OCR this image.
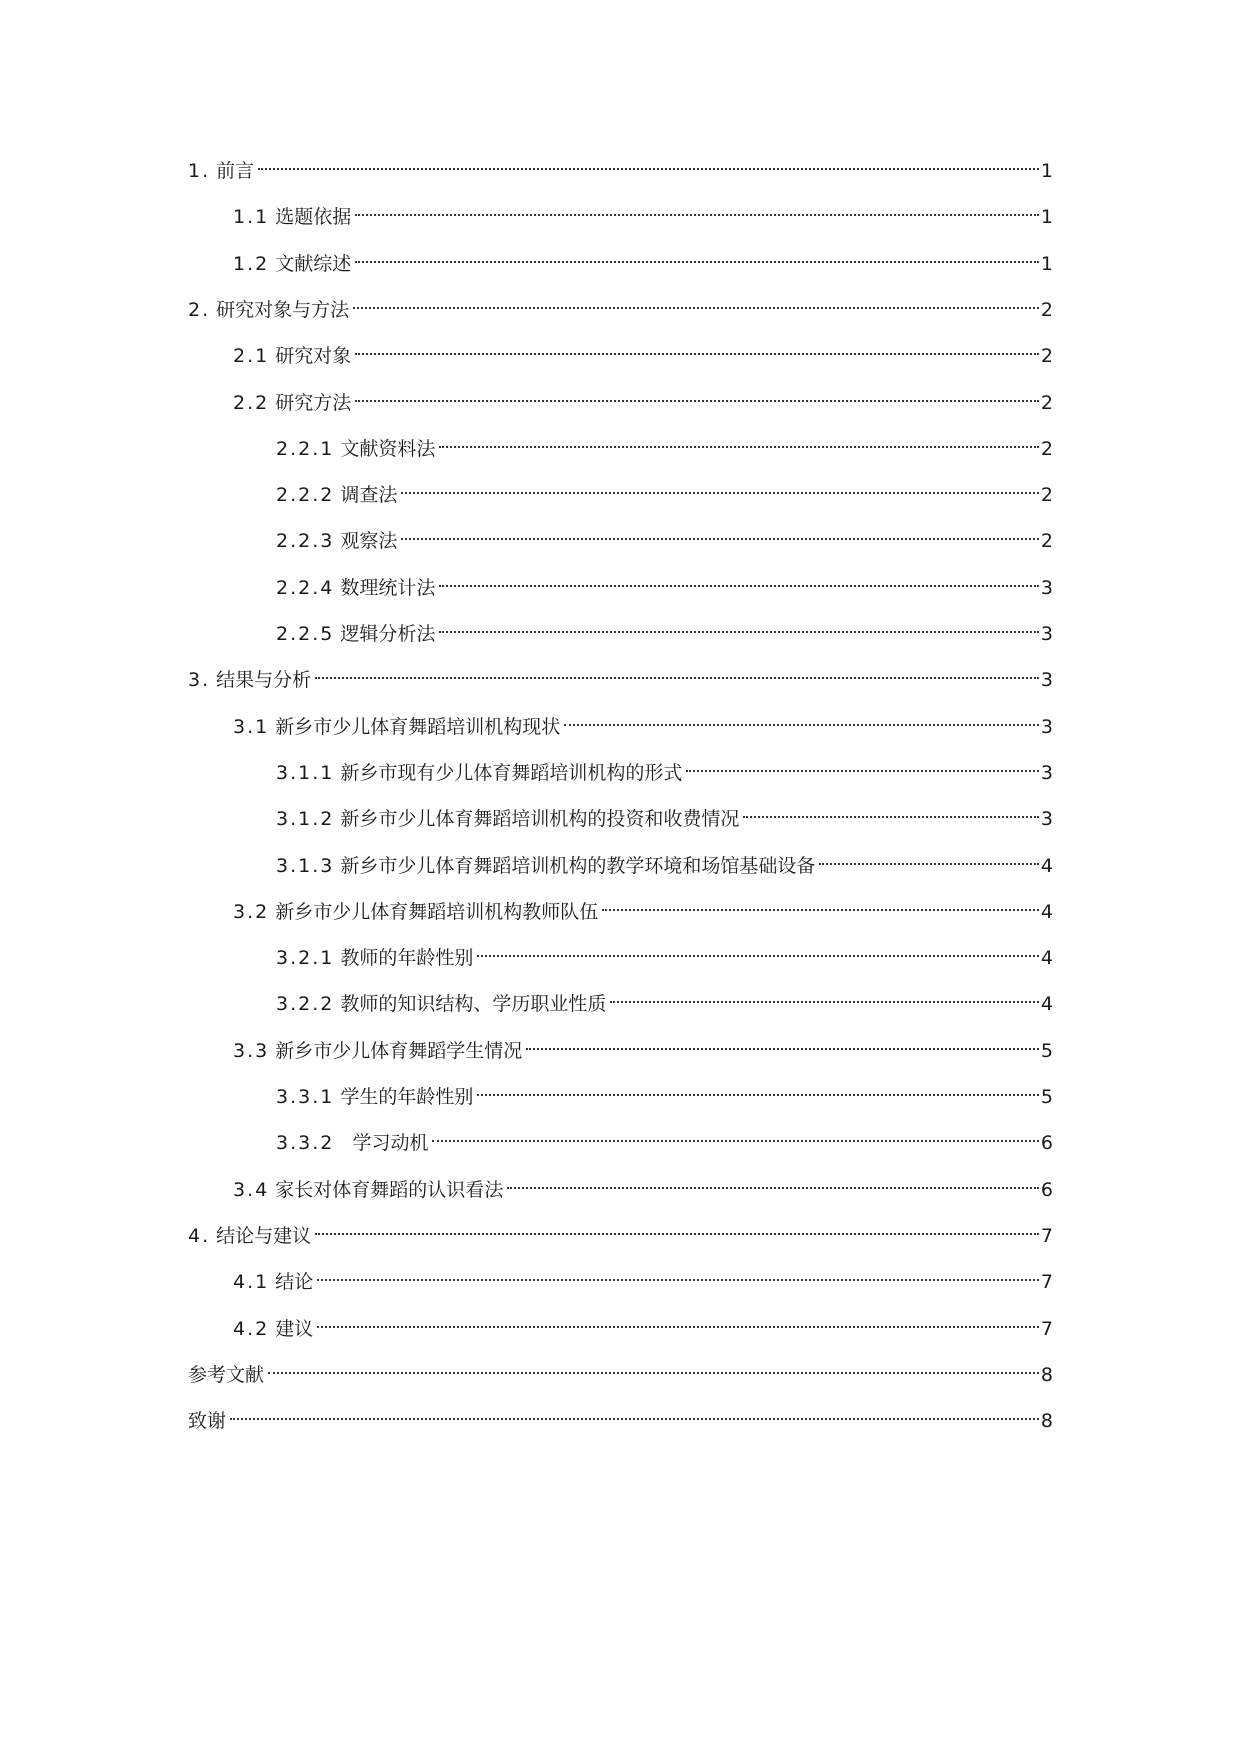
1. 前言	1
1.1 选题依据	1
1.2 文献综述	1
2. 研究对象与方法	2
2.1 研究对象	2
2.2 研究方法	2
2.2.1 文献资料法	2
2.2.2 调查法	2
2.2.3 观察法	2
2.2.4 数理统计法	3
2.2.5 逻辑分析法	3
3. 结果与分析	3
3.1 新乡市少儿体育舞蹈培训机构现状	3
3.1.1 新乡市现有少儿体育舞蹈培训机构的形式	3
3.1.2 新乡市少儿体育舞蹈培训机构的投资和收费情况	3
3.1.3 新乡市少儿体育舞蹈培训机构的教学环境和场馆基础设备	4
3.2 新乡市少儿体育舞蹈培训机构教师队伍	4
3.2.1 教师的年龄性别	4
3.2.2 教师的知识结构、学历职业性质	4
3.3 新乡市少儿体育舞蹈学生情况	5
3.3.1 学生的年龄性别	5
3.3.2 学习动机	6
3.4 家长对体育舞蹈的认识看法	6
4. 结论与建议	7
4.1 结论	7
4.2 建议	7
参考文献	8
致谢	8
